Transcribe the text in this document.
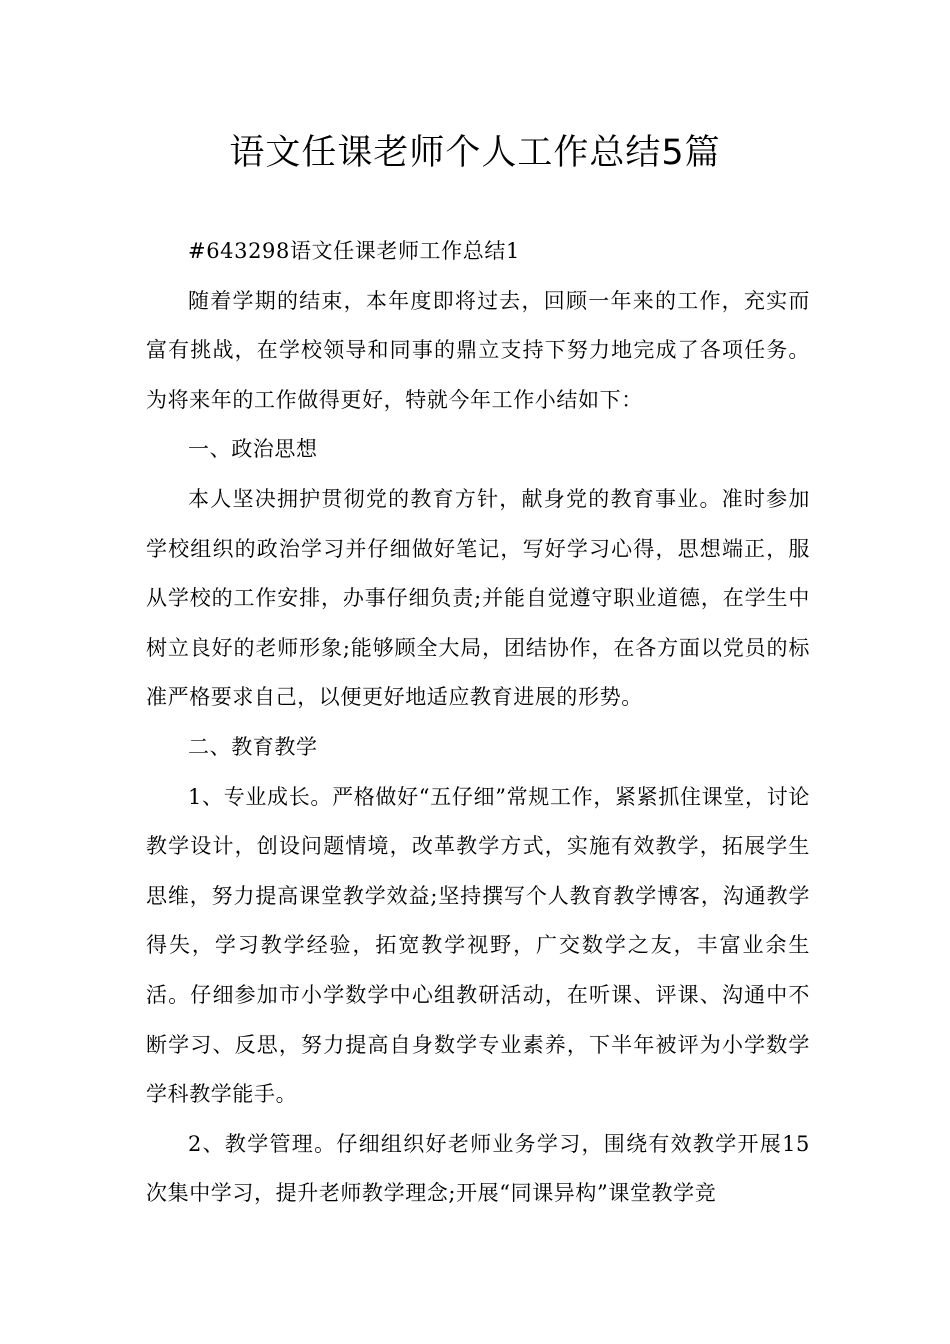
语文任课老师个人工作总结5篇

#643298语文任课老师工作总结1

随着学期的结束，本年度即将过去，回顾一年来的工作，充实而富有挑战，在学校领导和同事的鼎立支持下努力地完成了各项任务。为将来年的工作做得更好，特就今年工作小结如下：

一、政治思想

本人坚决拥护贯彻党的教育方针，献身党的教育事业。准时参加学校组织的政治学习并仔细做好笔记，写好学习心得，思想端正，服从学校的工作安排，办事仔细负责;并能自觉遵守职业道德，在学生中树立良好的老师形象;能够顾全大局，团结协作，在各方面以党员的标准严格要求自己，以便更好地适应教育进展的形势。

二、教育教学

1、专业成长。严格做好“五仔细”常规工作，紧紧抓住课堂，讨论教学设计，创设问题情境，改革教学方式，实施有效教学，拓展学生思维，努力提高课堂教学效益;坚持撰写个人教育教学博客，沟通教学得失，学习教学经验，拓宽教学视野，广交数学之友，丰富业余生活。仔细参加市小学数学中心组教研活动，在听课、评课、沟通中不断学习、反思，努力提高自身数学专业素养，下半年被评为小学数学学科教学能手。

2、教学管理。仔细组织好老师业务学习，围绕有效教学开展15次集中学习，提升老师教学理念;开展“同课异构”课堂教学竞
